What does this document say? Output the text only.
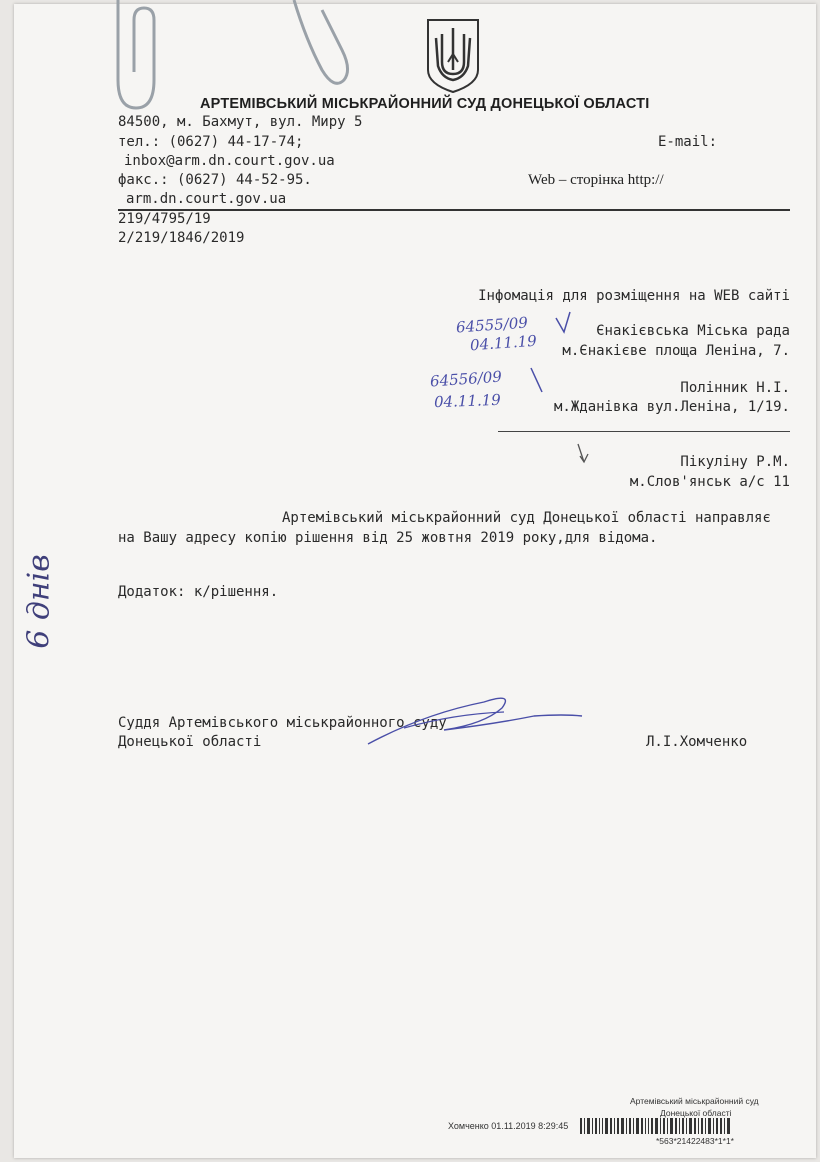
АРТЕМІВСЬКИЙ МІСЬКРАЙОННИЙ СУД ДОНЕЦЬКОЇ ОБЛАСТІ
84500, м. Бахмут, вул. Миру 5
тел.: (0627) 44-17-74;	E-mail:
inbox@arm.dn.court.gov.ua
факс.: (0627) 44-52-95.	Web – сторінка http://
arm.dn.court.gov.ua
219/4795/19
2/219/1846/2019
Інфомація для розміщення на WEB сайті
Єнакієвська Міська рада
м.Єнакієве площа Леніна, 7.
Полінник Н.І.
м.Жданівка вул.Леніна, 1/19.
Пікуліну Р.М.
м.Слов'янськ а/с 11
64555/09
04.11.19
64556/09
04.11.19
6 днів
Артемівський міськрайонний суд Донецької області направляє
на Вашу адресу копію рішення від 25 жовтня 2019 року,для відома.
Додаток: к/рішення.
Суддя Артемівського міськрайонного суду
Донецької області	Л.І.Хомченко
Артемівський міськрайонний суд
Донецької області
Хомченко 01.11.2019 8:29:45
*563*21422483*1*1*
